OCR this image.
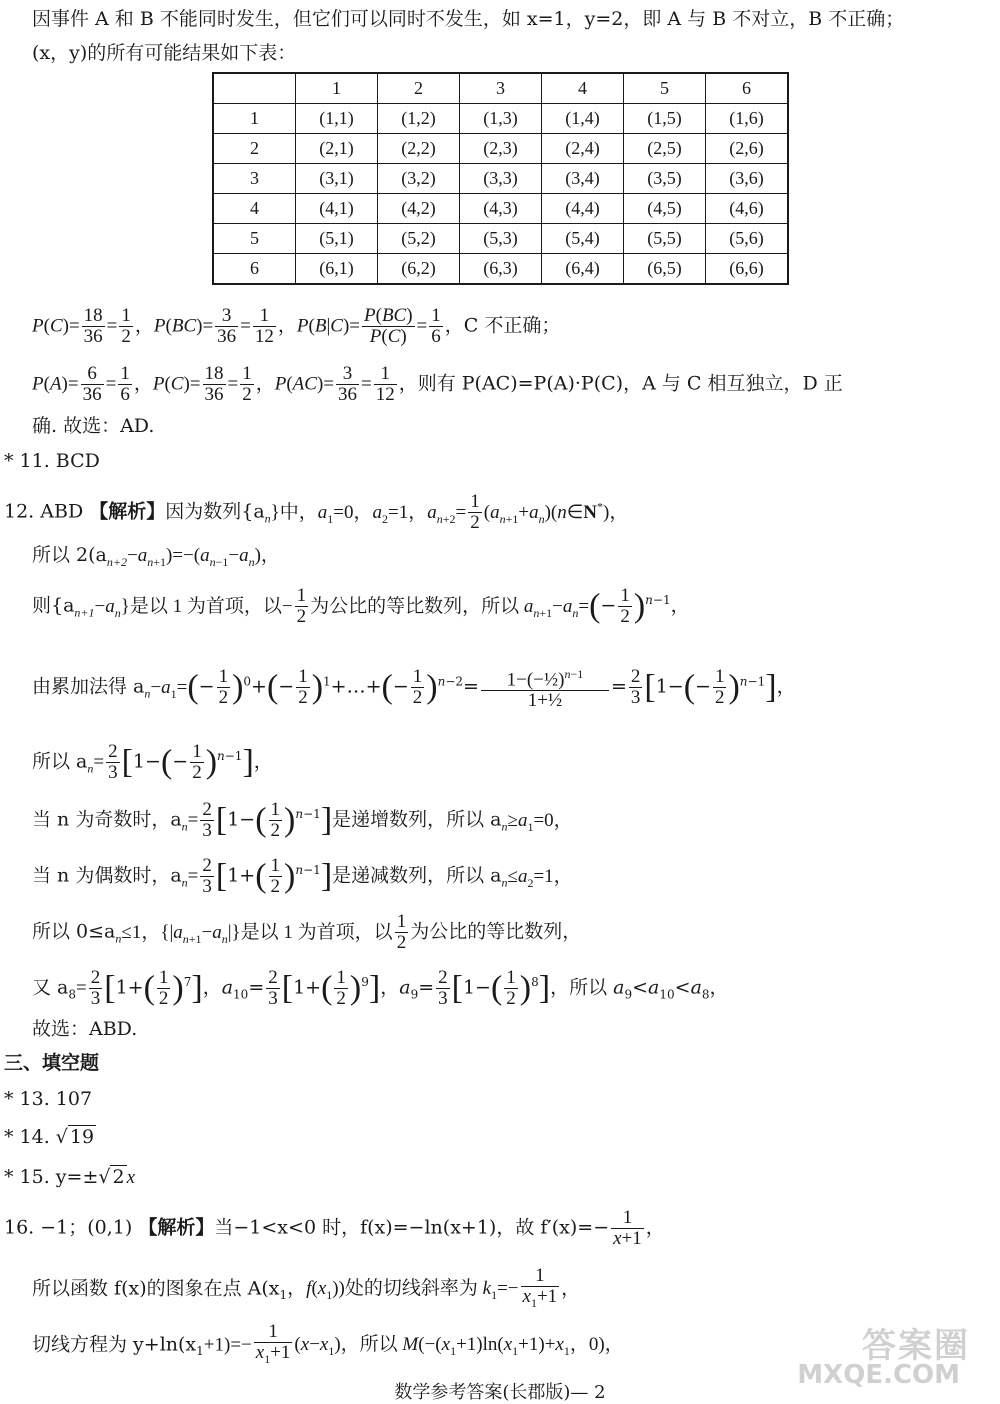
因事件 A 和 B 不能同时发生，但它们可以同时不发生，如 x=1，y=2，即 A 与 B 不对立，B 不正确；
(x，y)的所有可能结果如下表：
	1	2	3	4	5	6
1	(1,1)	(1,2)	(1,3)	(1,4)	(1,5)	(1,6)
2	(2,1)	(2,2)	(2,3)	(2,4)	(2,5)	(2,6)
3	(3,1)	(3,2)	(3,3)	(3,4)	(3,5)	(3,6)
4	(4,1)	(4,2)	(4,3)	(4,4)	(4,5)	(4,6)
5	(5,1)	(5,2)	(5,3)	(5,4)	(5,5)	(5,6)
6	(6,1)	(6,2)	(6,3)	(6,4)	(6,5)	(6,6)
$P(C)= \frac{18}{36} = \frac{1}{2}$ ，$P(BC)= \frac{3}{36} = \frac{1}{12}$ ，$P(B|C)= \frac{P(BC)}{P(C)} = \frac{1}{6}$ ，C 不正确；
$P(A)= \frac{6}{36} = \frac{1}{6}$ ，$P(C)= \frac{18}{36} = \frac{1}{2}$ ，$P(AC)= \frac{3}{36} = \frac{1}{12}$ ，则有 P(AC)=P(A)·P(C)，A 与 C 相互独立，D 正
确. 故选：AD.
* 11. BCD
12. ABD 【解析】因为数列$\{a_n\}$中，$a_1=0$，$a_2=1$，$a_{n+2}= \frac{1}{2}$ $(a_{n+1}+a_n)(n\in N^*)$，
所以 $2(a_{n+2}-a_{n+1})=-(a_{n-1}-a_n)$，
则$\{a_{n+1}-a_n\}$是以 1 为首项，以− $\frac{1}{2}$ 为公比的等比数列，所以 $a_{n+1}-a_n=(- \frac{1}{2} )^{n-1}$，
由累加法得 $a_n-a_1=(- \frac{1}{2} )^0+(- \frac{1}{2}$ )$^1+\dots+(- \frac{1}{2} )^{n-2}= \frac{1-(-\frac{1}{2})^{n-1}}{\text{1+½}} = \frac{2}{3} [1-(- \frac{1}{2} )^{n-1}]$，
所以 $a_n= \frac{2}{3} [1-(- \frac{1}{2} )^{n-1}]$，
当 n 为奇数时，$a_n= \frac{2}{3} [1-( \frac{1}{2} )^{n-1}]$是递增数列，所以 $a_n\ge a_1=0$，
当 n 为偶数时，$a_n= \frac{2}{3} [1+( \frac{1}{2} )^{n-1}]$是递减数列，所以 $a_n\le a_2=1$，
所以 $0\le a_n\le 1$，$\{|a_{n+1}-a_n|\}$是以 1 为首项，以 $\frac{1}{2}$ 为公比的等比数列，
又 $a_8= \frac{2}{3} [1+( \frac{1}{2} )^7]$，$a_{10}= \frac{2}{3} [1+( \frac{1}{2} )^9]$，$a_9= \frac{2}{3} [1-( \frac{1}{2} )^8]$，所以 $a_9<a_{10}<a_8$，
故选：ABD.
三、填空题
* 13. 107
* 14. √ 19
* 15. y=±√ 2 x
16. −1；(0,1) 【解析】当−1<x<0 时，f(x)=−ln(x+1)，故 $f'(x)=- \frac{1}{x+1}$ ，
所以函数 f(x)的图象在点 $A(x_1$，$f(x_1)$)处的切线斜率为 $k_1=- \frac{1}{x_1+1}$ ，
切线方程为 $y+\ln(x_1+1)=- \frac{1}{x_1+1} (x-x_1)$，所以 $M(-(x_1+1)\ln(x_1+1)+x_1$，0)，	答案圈
MXQE.COM
数学参考答案(长郡版)— 2
